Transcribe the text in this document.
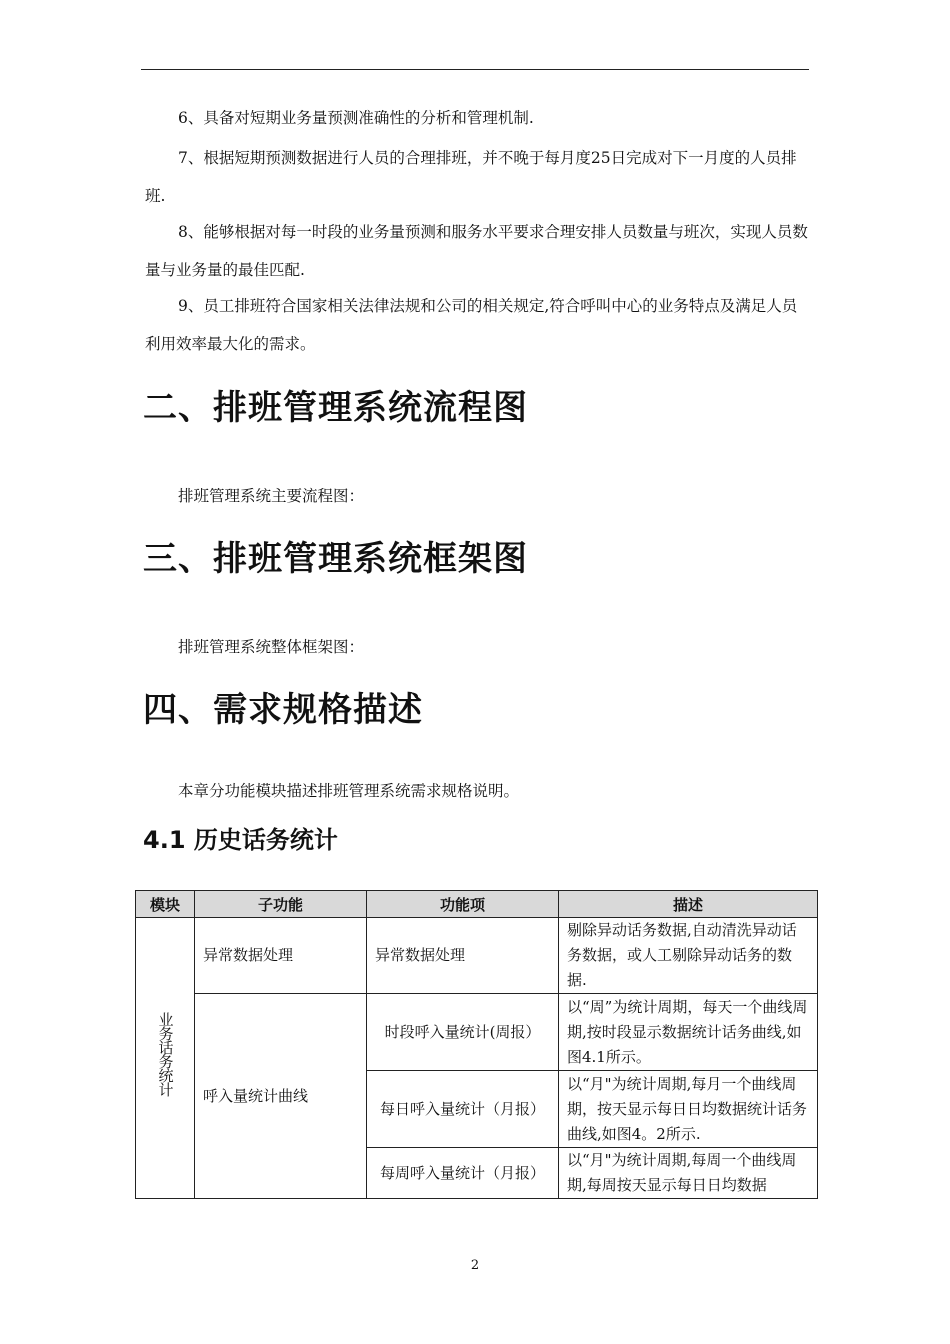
6、具备对短期业务量预测准确性的分析和管理机制.

7、根据短期预测数据进行人员的合理排班，并不晚于每月度25日完成对下一月度的人员排班.

8、能够根据对每一时段的业务量预测和服务水平要求合理安排人员数量与班次，实现人员数量与业务量的最佳匹配.

9、员工排班符合国家相关法律法规和公司的相关规定,符合呼叫中心的业务特点及满足人员利用效率最大化的需求。

二、排班管理系统流程图

排班管理系统主要流程图：

三、排班管理系统框架图

排班管理系统整体框架图：

四、需求规格描述

本章分功能模块描述排班管理系统需求规格说明。

4.1 历史话务统计
模块	子功能	功能项	描述
业务话务统计	异常数据处理	异常数据处理	剔除异动话务数据,自动清洗异动话务数据，或人工剔除异动话务的数据.
	呼入量统计曲线	时段呼入量统计(周报）	以“周”为统计周期，每天一个曲线周期,按时段显示数据统计话务曲线,如图4.1所示。
		每日呼入量统计（月报）	以“月"为统计周期,每月一个曲线周期，按天显示每日日均数据统计话务曲线,如图4。2所示.
		每周呼入量统计（月报）	以“月"为统计周期,每周一个曲线周期,每周按天显示每日日均数据
2
